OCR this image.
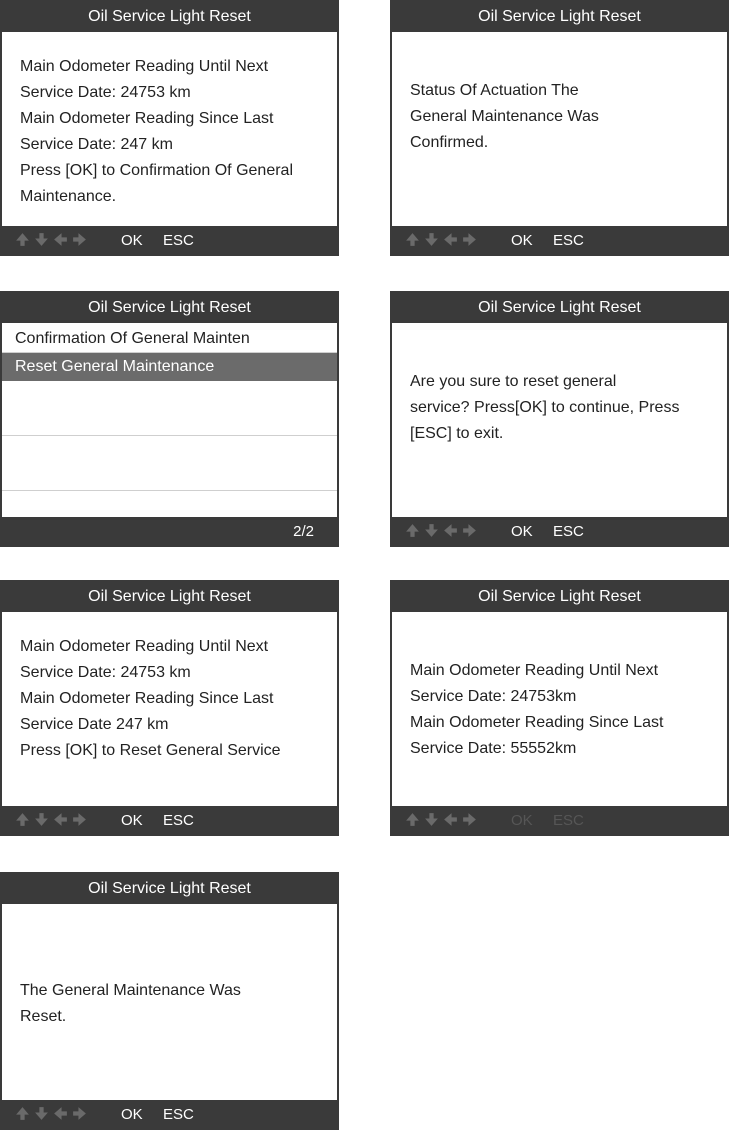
Oil Service Light Reset
Main Odometer Reading Until Next
Service Date: 24753 km
Main Odometer Reading Since Last
Service Date: 247 km
Press [OK] to Confirmation Of General
Maintenance.
OK ESC
Oil Service Light Reset
Status Of Actuation The
General Maintenance Was
Confirmed.
OK ESC
Oil Service Light Reset
Confirmation Of General Mainten
Reset General Maintenance
2/2
Oil Service Light Reset
Are you sure to reset general
service? Press[OK] to continue, Press
[ESC] to exit.
OK ESC
Oil Service Light Reset
Main Odometer Reading Until Next
Service Date: 24753 km
Main Odometer Reading Since Last
Service Date 247 km
Press [OK] to Reset General Service
OK ESC
Oil Service Light Reset
Main Odometer Reading Until Next
Service Date: 24753km
Main Odometer Reading Since Last
Service Date: 55552km
OK ESC
Oil Service Light Reset
The General Maintenance Was
Reset.
OK ESC
